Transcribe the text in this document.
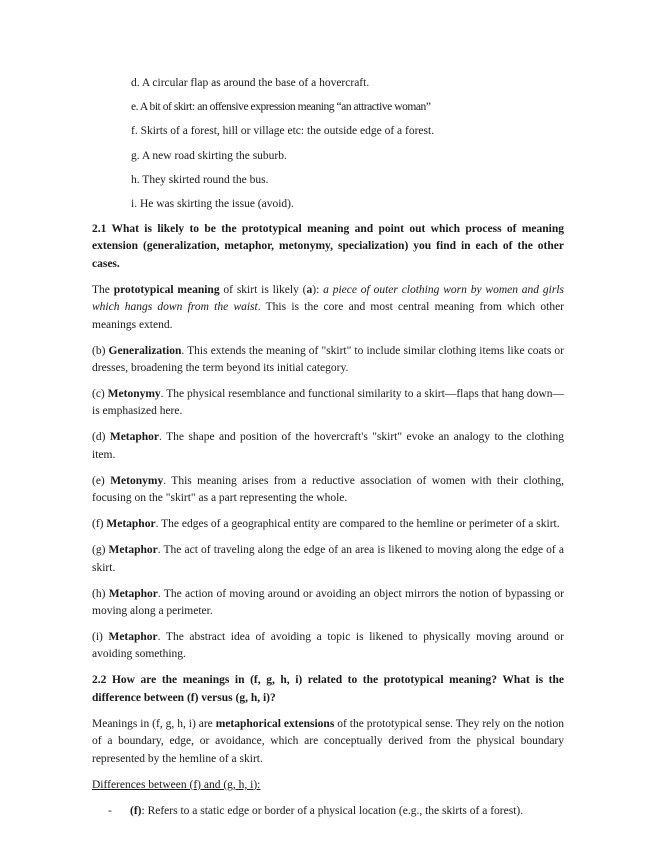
d. A circular flap as around the base of a hovercraft.

e. A bit of skirt: an offensive expression meaning “an attractive woman”

f. Skirts of a forest, hill or village etc: the outside edge of a forest.

g. A new road skirting the suburb.

h. They skirted round the bus.

i. He was skirting the issue (avoid).

2.1 What is likely to be the prototypical meaning and point out which process of meaning extension (generalization, metaphor, metonymy, specialization) you find in each of the other cases.

The prototypical meaning of skirt is likely (a): a piece of outer clothing worn by women and girls which hangs down from the waist. This is the core and most central meaning from which other meanings extend.

(b) Generalization. This extends the meaning of "skirt" to include similar clothing items like coats or dresses, broadening the term beyond its initial category.

(c) Metonymy. The physical resemblance and functional similarity to a skirt—flaps that hang down—is emphasized here.

(d) Metaphor. The shape and position of the hovercraft's "skirt" evoke an analogy to the clothing item.

(e) Metonymy. This meaning arises from a reductive association of women with their clothing, focusing on the "skirt" as a part representing the whole.

(f) Metaphor. The edges of a geographical entity are compared to the hemline or perimeter of a skirt.

(g) Metaphor. The act of traveling along the edge of an area is likened to moving along the edge of a skirt.

(h) Metaphor. The action of moving around or avoiding an object mirrors the notion of bypassing or moving along a perimeter.

(i) Metaphor. The abstract idea of avoiding a topic is likened to physically moving around or avoiding something.

2.2 How are the meanings in (f, g, h, i) related to the prototypical meaning? What is the difference between (f) versus (g, h, i)?

Meanings in (f, g, h, i) are metaphorical extensions of the prototypical sense. They rely on the notion of a boundary, edge, or avoidance, which are conceptually derived from the physical boundary represented by the hemline of a skirt.

Differences between (f) and (g, h, i):

-	(f): Refers to a static edge or border of a physical location (e.g., the skirts of a forest).
